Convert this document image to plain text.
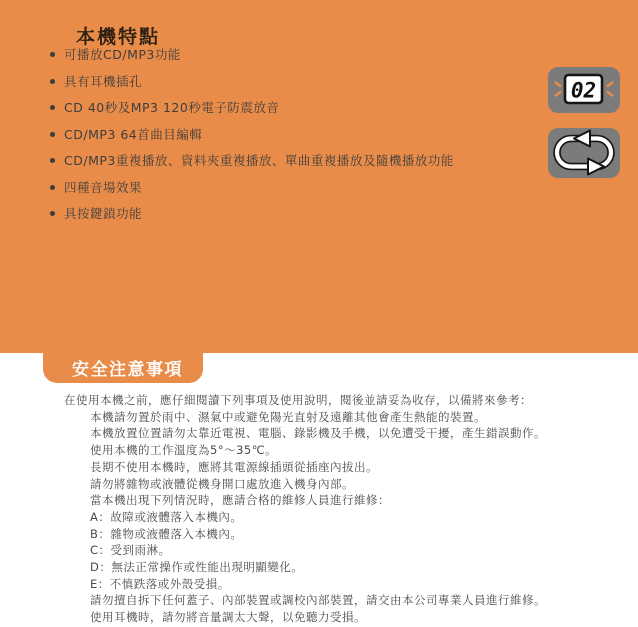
本機特點
可播放CD/MP3功能
具有耳機插孔
CD 40秒及MP3 120秒電子防震放音
CD/MP3 64首曲目編輯
CD/MP3重複播放、資料夾重複播放、單曲重複播放及隨機播放功能
四種音場效果
具按鍵鎖功能
02
安全注意事項
在使用本機之前，應仔細閱讀下列事項及使用說明，閱後並請妥為收存，以備將來參考：
本機請勿置於雨中、濕氣中或避免陽光直射及遠離其他會產生熱能的裝置。
本機放置位置請勿太靠近電視、電腦、錄影機及手機，以免遭受干擾，產生錯誤動作。
使用本機的工作溫度為5°～35℃。
長期不使用本機時，應將其電源線插頭從插座內拔出。
請勿將雜物或液體從機身開口處放進入機身內部。
當本機出現下列情況時，應請合格的維修人員進行維修：
A：故障或液體落入本機內。
B：雜物或液體落入本機內。
C：受到雨淋。
D：無法正常操作或性能出現明顯變化。
E：不慎跌落或外殼受損。
請勿擅自拆下任何蓋子、內部裝置或調校內部裝置，請交由本公司專業人員進行維修。
使用耳機時，請勿將音量調太大聲，以免聽力受損。
